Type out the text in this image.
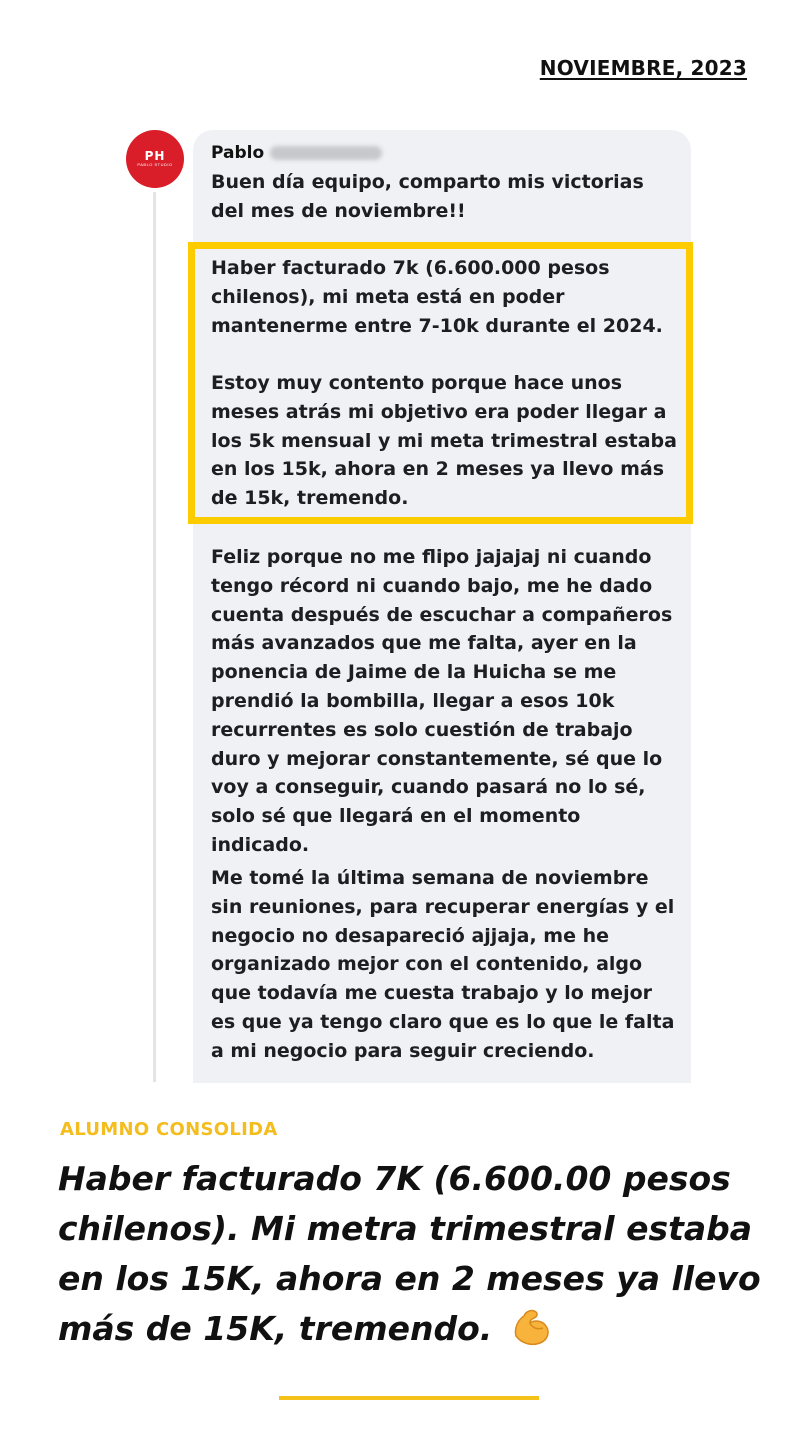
NOVIEMBRE, 2023
PH
PABLO STUDIO
Pablo
Buen día equipo, comparto mis victorias del mes de noviembre!!
Haber facturado 7k (6.600.000 pesos chilenos), mi meta está en poder mantenerme entre 7-10k durante el 2024.
Estoy muy contento porque hace unos meses atrás mi objetivo era poder llegar a los 5k mensual y mi meta trimestral estaba en los 15k, ahora en 2 meses ya llevo más de 15k, tremendo.
Feliz porque no me flipo jajajaj ni cuando tengo récord ni cuando bajo, me he dado cuenta después de escuchar a compañeros más avanzados que me falta, ayer en la ponencia de Jaime de la Huicha se me prendió la bombilla, llegar a esos 10k recurrentes es solo cuestión de trabajo duro y mejorar constantemente, sé que lo voy a conseguir, cuando pasará no lo sé, solo sé que llegará en el momento indicado.
Me tomé la última semana de noviembre sin reuniones, para recuperar energías y el negocio no desapareció ajjaja, me he organizado mejor con el contenido, algo que todavía me cuesta trabajo y lo mejor es que ya tengo claro que es lo que le falta a mi negocio para seguir creciendo.
ALUMNO CONSOLIDA
Haber facturado 7K (6.600.00 pesos chilenos). Mi metra trimestral estaba en los 15K, ahora en 2 meses ya llevo más de 15K, tremendo.
